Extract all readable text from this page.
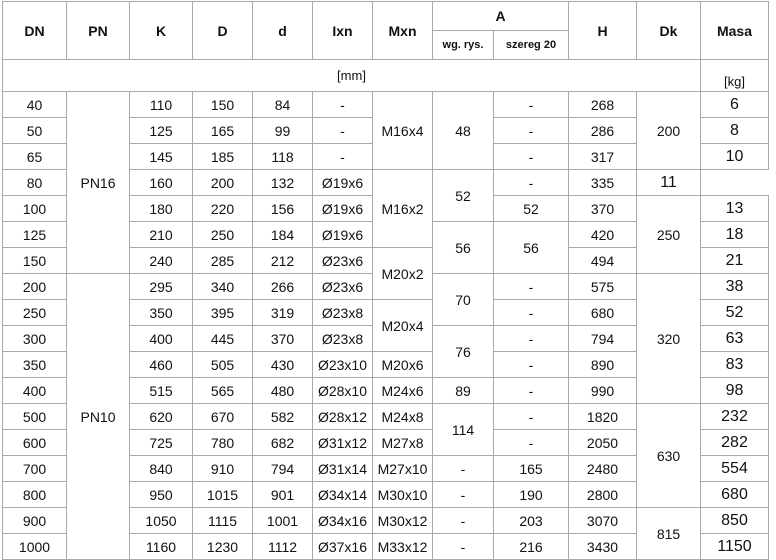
DN	PN	K	D	d	Ixn	Mxn	A		H	Dk	Masa
							wg. rys.	szereg 20			
[mm]											[kg]
40	PN16	110	150	84	-	M16x4	48	-	268	200	6
50		125	165	99	-			-	286		8
65		145	185	118	-			-	317		10
80		160	200	132	Ø19x6	M16x2	52	-	335	11	
100		180	220	156	Ø19x6			52	370	250	13
125		210	250	184	Ø19x6		56	56	420		18
150		240	285	212	Ø23x6	M20x2			494		21
200	PN10	295	340	266	Ø23x6		70	-	575	320	38
250		350	395	319	Ø23x8	M20x4		-	680		52
300		400	445	370	Ø23x8		76	-	794		63
350		460	505	430	Ø23x10	M20x6		-	890		83
400		515	565	480	Ø28x10	M24x6	89	-	990		98
500		620	670	582	Ø28x12	M24x8	114	-	1820	630	232
600		725	780	682	Ø31x12	M27x8		-	2050		282
700		840	910	794	Ø31x14	M27x10	-	165	2480		554
800		950	1015	901	Ø34x14	M30x10	-	190	2800		680
900		1050	1115	1001	Ø34x16	M30x12	-	203	3070	815	850
1000		1160	1230	1112	Ø37x16	M33x12	-	216	3430		1150
